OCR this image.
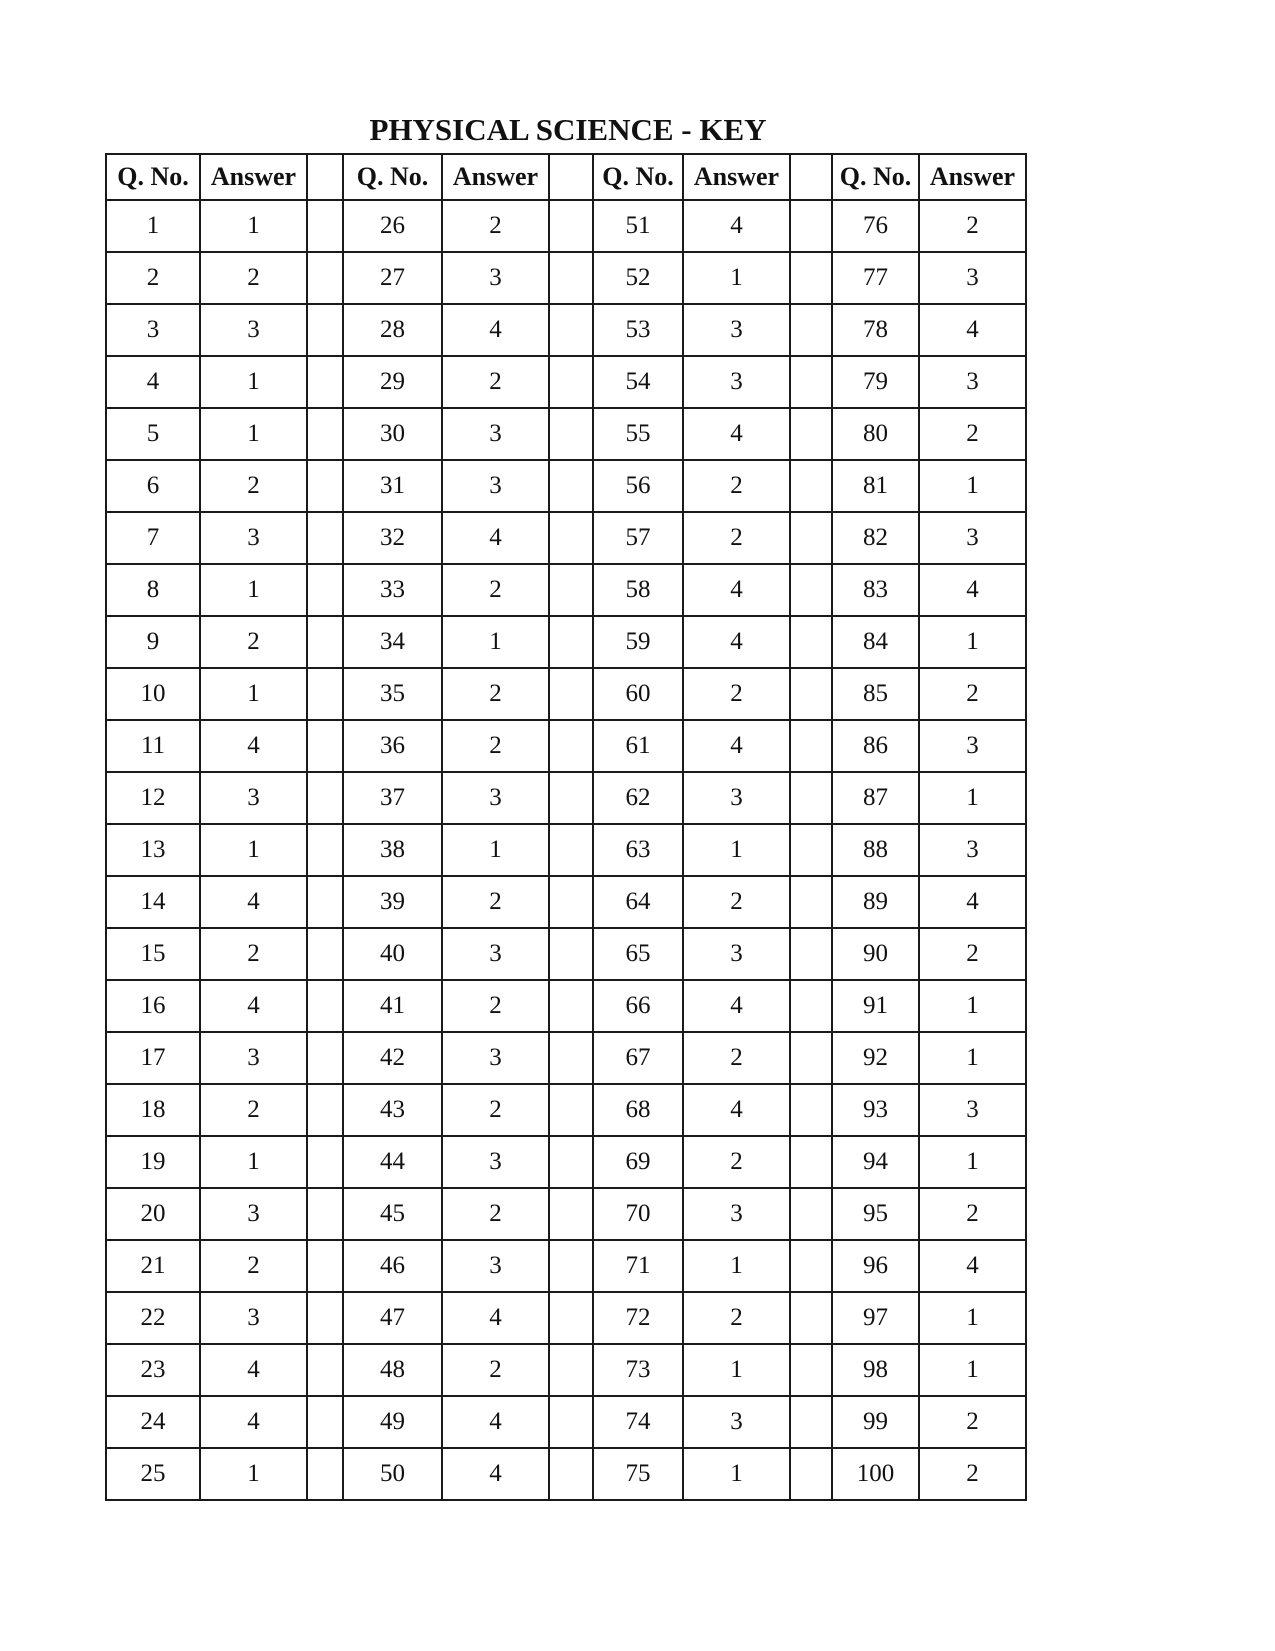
PHYSICAL SCIENCE - KEY
Q. No.	Answer		Q. No.	Answer		Q. No.	Answer		Q. No.	Answer
1	1		26	2		51	4		76	2
2	2		27	3		52	1		77	3
3	3		28	4		53	3		78	4
4	1		29	2		54	3		79	3
5	1		30	3		55	4		80	2
6	2		31	3		56	2		81	1
7	3		32	4		57	2		82	3
8	1		33	2		58	4		83	4
9	2		34	1		59	4		84	1
10	1		35	2		60	2		85	2
11	4		36	2		61	4		86	3
12	3		37	3		62	3		87	1
13	1		38	1		63	1		88	3
14	4		39	2		64	2		89	4
15	2		40	3		65	3		90	2
16	4		41	2		66	4		91	1
17	3		42	3		67	2		92	1
18	2		43	2		68	4		93	3
19	1		44	3		69	2		94	1
20	3		45	2		70	3		95	2
21	2		46	3		71	1		96	4
22	3		47	4		72	2		97	1
23	4		48	2		73	1		98	1
24	4		49	4		74	3		99	2
25	1		50	4		75	1		100	2
